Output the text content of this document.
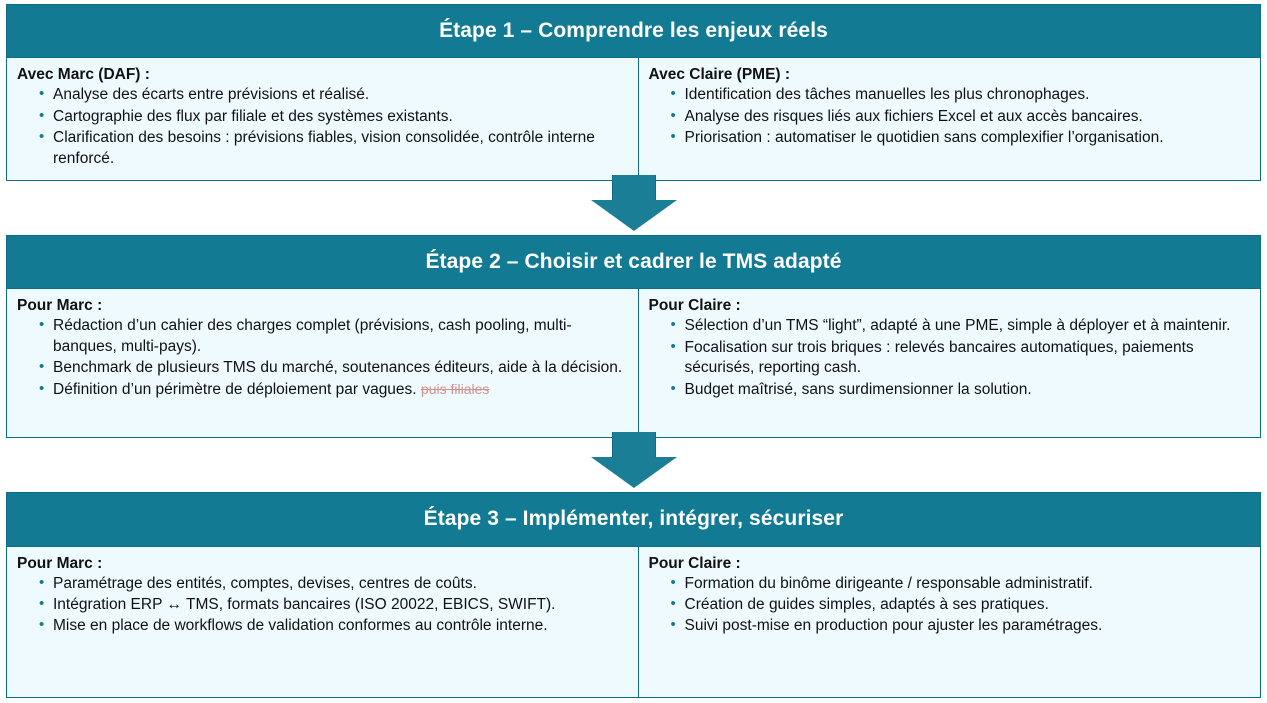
Étape 1 – Comprendre les enjeux réels
Avec Marc (DAF) :
• Analyse des écarts entre prévisions et réalisé.
• Cartographie des flux par filiale et des systèmes existants.
• Clarification des besoins : prévisions fiables, vision consolidée, contrôle interne renforcé.
Avec Claire (PME) :
• Identification des tâches manuelles les plus chronophages.
• Analyse des risques liés aux fichiers Excel et aux accès bancaires.
• Priorisation : automatiser le quotidien sans complexifier l’organisation.
Étape 2 – Choisir et cadrer le TMS adapté
Pour Marc :
• Rédaction d’un cahier des charges complet (prévisions, cash pooling, multi-banques, multi-pays).
• Benchmark de plusieurs TMS du marché, soutenances éditeurs, aide à la décision.
• Définition d’un périmètre de déploiement par vagues. puis filiales
Pour Claire :
• Sélection d’un TMS “light”, adapté à une PME, simple à déployer et à maintenir.
• Focalisation sur trois briques : relevés bancaires automatiques, paiements sécurisés, reporting cash.
• Budget maîtrisé, sans surdimensionner la solution.
Étape 3 – Implémenter, intégrer, sécuriser
Pour Marc :
• Paramétrage des entités, comptes, devises, centres de coûts.
• Intégration ERP ↔ TMS, formats bancaires (ISO 20022, EBICS, SWIFT).
• Mise en place de workflows de validation conformes au contrôle interne.
Pour Claire :
• Formation du binôme dirigeante / responsable administratif.
• Création de guides simples, adaptés à ses pratiques.
• Suivi post-mise en production pour ajuster les paramétrages.
